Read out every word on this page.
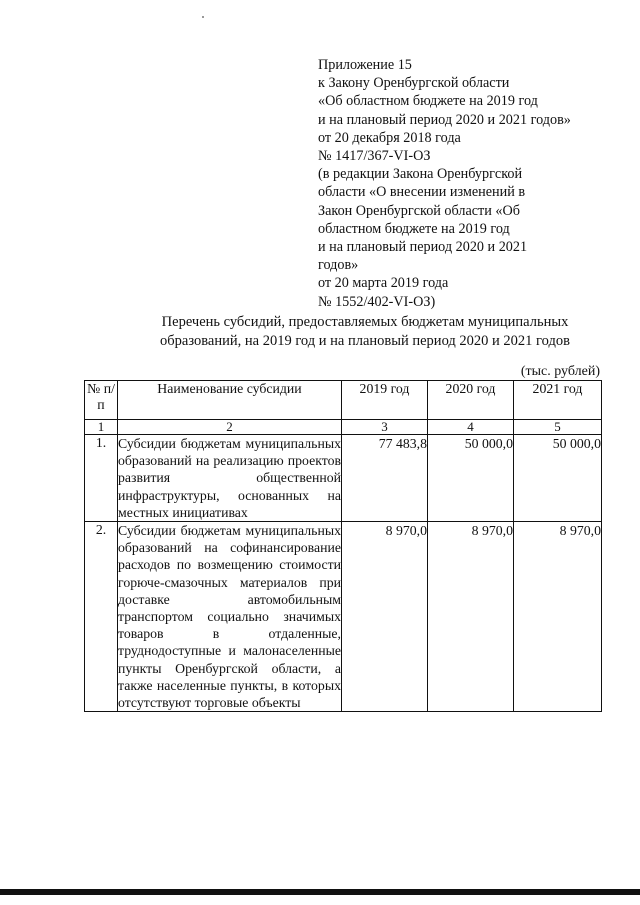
Приложение 15
к Закону Оренбургской области
«Об областном бюджете на 2019 год
и на плановый период 2020 и 2021 годов»
от 20 декабря 2018 года
№ 1417/367-VI-ОЗ
(в редакции Закона Оренбургской
области «О внесении изменений в
Закон Оренбургской области «Об
областном бюджете на 2019 год
и на плановый период 2020 и 2021
годов»
от 20 марта 2019 года
№ 1552/402-VI-ОЗ)
Перечень субсидий, предоставляемых бюджетам муниципальных
образований, на 2019 год и на плановый период 2020 и 2021 годов
(тыс. рублей)
№ п/п	Наименование субсидии	2019 год	2020 год	2021 год
1	2	3	4	5
1.	Субсидии бюджетам муниципальных образований на реализацию проектов развития общественной инфраструктуры, основанных на местных инициативах	77 483,8	50 000,0	50 000,0
2.	Субсидии бюджетам муниципальных образований на софинансирование расходов по возмещению стоимости горюче-смазочных материалов при доставке автомобильным транспортом социально значимых товаров в отдаленные, труднодоступные и малонаселенные пункты Оренбургской области, а также населенные пункты, в которых отсутствуют торговые объекты	8 970,0	8 970,0	8 970,0
